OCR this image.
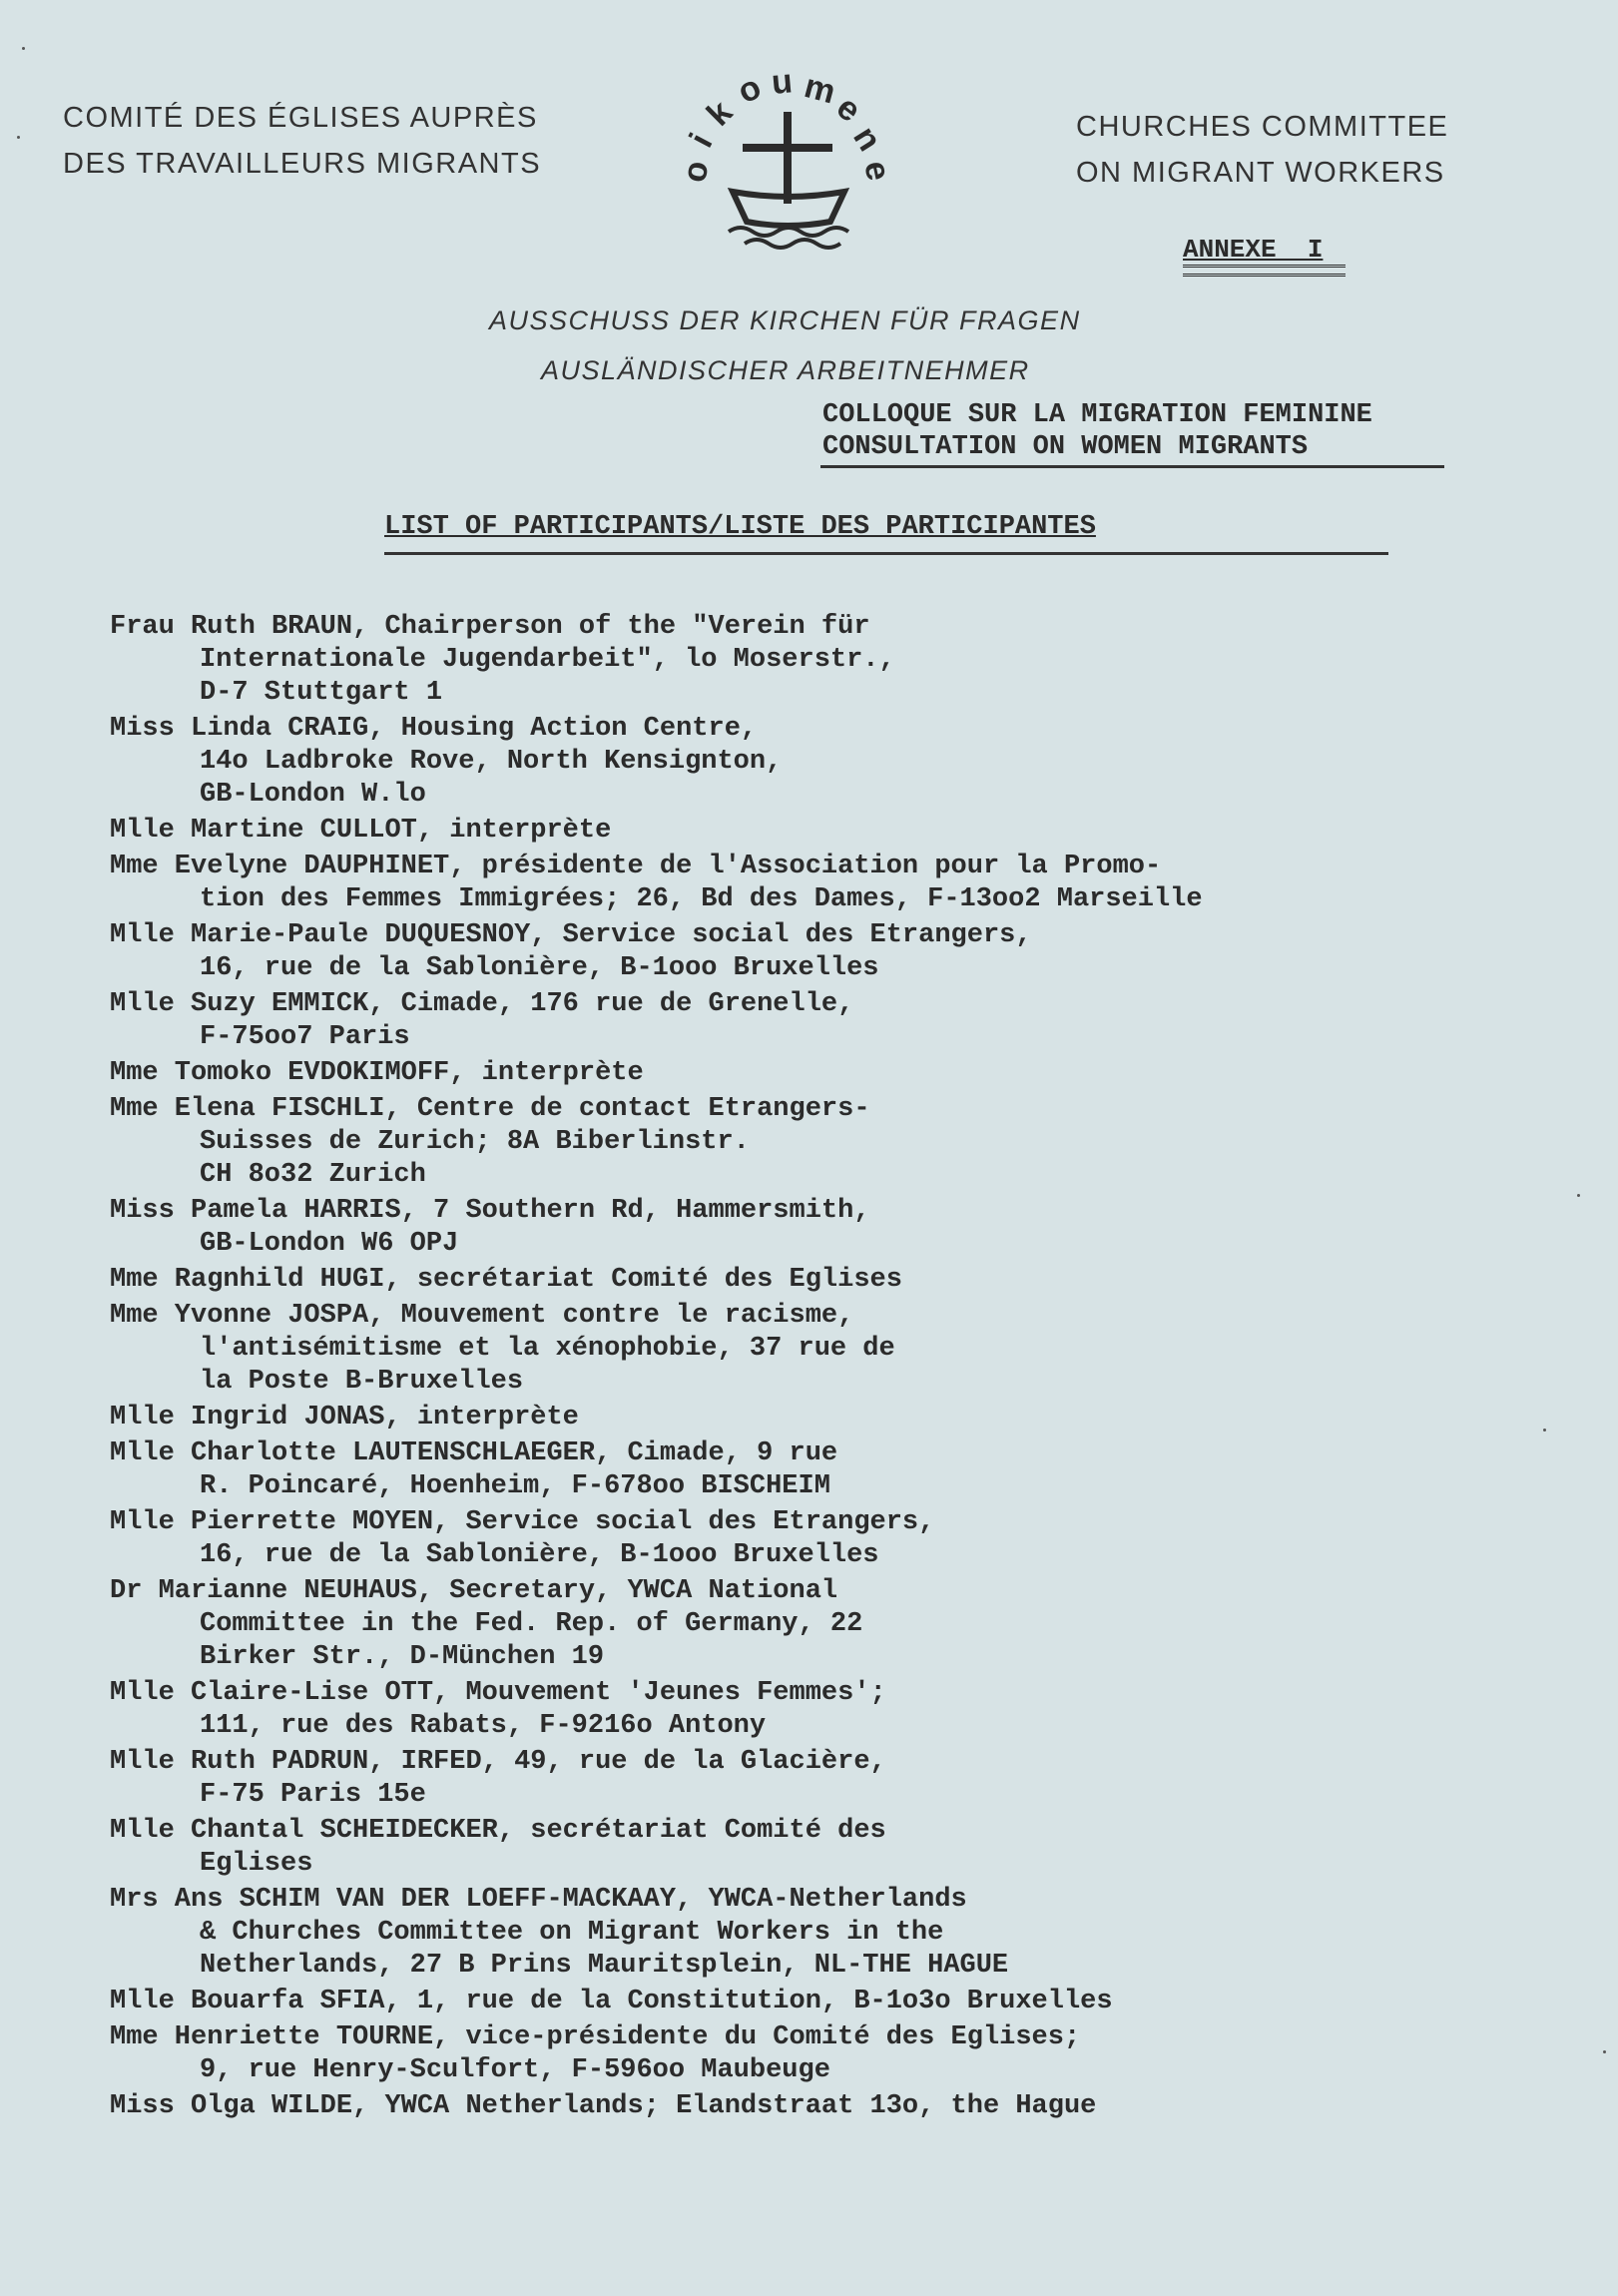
COMITÉ DES ÉGLISES AUPRÈS
DES TRAVAILLEURS MIGRANTS	o
i
k
o u m
e
n
e
CHURCHES COMMITTEE
ON MIGRANT WORKERS
ANNEXE  I
AUSSCHUSS DER KIRCHEN FÜR FRAGEN
AUSLÄNDISCHER ARBEITNEHMER
COLLOQUE SUR LA MIGRATION FEMININE
CONSULTATION ON WOMEN MIGRANTS
LIST OF PARTICIPANTS/LISTE DES PARTICIPANTES
Frau Ruth BRAUN, Chairperson of the "Verein für
Internationale Jugendarbeit", lo Moserstr.,
D-7 Stuttgart 1
Miss Linda CRAIG, Housing Action Centre,
14o Ladbroke Rove, North Kensignton,
GB-London W.lo
Mlle Martine CULLOT, interprète
Mme Evelyne DAUPHINET, présidente de l'Association pour la Promo-
tion des Femmes Immigrées; 26, Bd des Dames, F-13oo2 Marseille
Mlle Marie-Paule DUQUESNOY, Service social des Etrangers,
16, rue de la Sablonière, B-1ooo Bruxelles
Mlle Suzy EMMICK, Cimade, 176 rue de Grenelle,
F-75oo7 Paris
Mme Tomoko EVDOKIMOFF, interprète
Mme Elena FISCHLI, Centre de contact Etrangers-
Suisses de Zurich; 8A Biberlinstr.
CH 8o32 Zurich
Miss Pamela HARRIS, 7 Southern Rd, Hammersmith,
GB-London W6 OPJ
Mme Ragnhild HUGI, secrétariat Comité des Eglises
Mme Yvonne JOSPA, Mouvement contre le racisme,
l'antisémitisme et la xénophobie, 37 rue de
la Poste B-Bruxelles
Mlle Ingrid JONAS, interprète
Mlle Charlotte LAUTENSCHLAEGER, Cimade, 9 rue
R. Poincaré, Hoenheim, F-678oo BISCHEIM
Mlle Pierrette MOYEN, Service social des Etrangers,
16, rue de la Sablonière, B-1ooo Bruxelles
Dr Marianne NEUHAUS, Secretary, YWCA National
Committee in the Fed. Rep. of Germany, 22
Birker Str., D-München 19
Mlle Claire-Lise OTT, Mouvement 'Jeunes Femmes';
111, rue des Rabats, F-9216o Antony
Mlle Ruth PADRUN, IRFED, 49, rue de la Glacière,
F-75 Paris 15e
Mlle Chantal SCHEIDECKER, secrétariat Comité des
Eglises
Mrs Ans SCHIM VAN DER LOEFF-MACKAAY, YWCA-Netherlands
& Churches Committee on Migrant Workers in the
Netherlands, 27 B Prins Mauritsplein, NL-THE HAGUE
Mlle Bouarfa SFIA, 1, rue de la Constitution, B-1o3o Bruxelles
Mme Henriette TOURNE, vice-présidente du Comité des Eglises;
9, rue Henry-Sculfort, F-596oo Maubeuge
Miss Olga WILDE, YWCA Netherlands; Elandstraat 13o, the Hague
